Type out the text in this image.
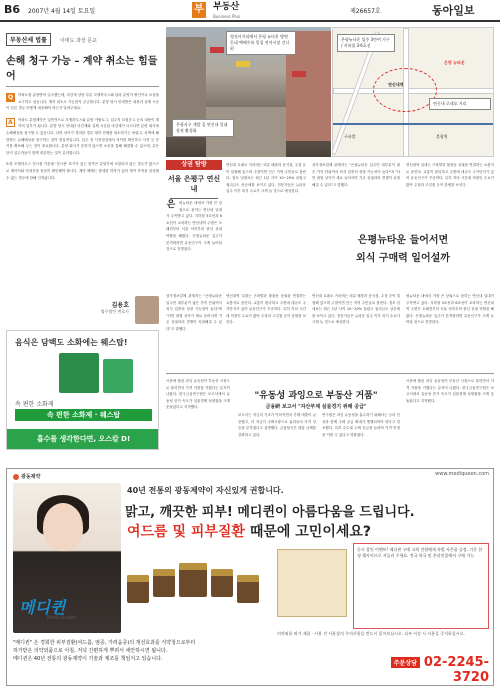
B6 2007년 4월 14일 토요일	부 부동산
Business Plus
제26657호	동아일보
부동산세 법률	이태도 과장 문교
손해 청구 가능 – 계약 취소는 힘들어
Q	아파트를 분양받아 입주했는데, 마감재 상당 부분 모델하우스와 달라 분양가 할인이나 보상을 요구하고 싶습니다. 계약 취소도 가능한지 궁금합니다. 분양 당시 안내받은 내용과 실제 시공이 다른 경우 어떻게 대응해야 하는지 알려주세요.
A	아파트 분양계약은 일반적으로 모델하우스와 분양 카탈로그, 입주자 모집공고 등의 내용이 계약의 일부가 됩니다. 분양 당시 안내된 마감재와 실제 시공된 마감재가 다르다면 분양 회사에 손해배상을 청구할 수 있습니다. 다만 차이가 경미한 경우 계약 전체를 취소하기는 어렵고, 차액에 해당하는 손해배상을 청구하는 것이 현실적입니다. 입주 전 사전점검에서 차이를 확인하고 사진 등 증거를 확보해 두는 것이 중요합니다. 분양 회사가 응하지 않으면 소송을 통해 해결할 수 있으며, 같은 단지 입주자들이 함께 대응하는 것이 유리합니다.
또한 모델하우스 전시품 가운데 '전시용' 표기가 있는 항목은 분양가에 포함되지 않는 경우가 많으므로 계약서와 안내문을 꼼꼼히 확인해야 합니다. 계약 해제는 중대한 하자가 있어 계약 목적을 달성할 수 없는 경우에 한해 인정됩니다.
김용호
법무법인 변호사
음식은 담백도 소화에는 웨스탑!
속 편한 소화제
속 편한 소화제 · 웨스탑
흡수를 생각한다면, 오스칼 D!
정선사거리에서 은평 뉴타운 방면 동네 택배주유 밀집 전어시장 건너편
은평지구 개발 길 연신내 일대 상권 활성화
은평뉴타운 입주 3만여 가구 / 지하철 3·6호선
연신내 로데오 거리
연신내역
불광역
구파발
은평 뉴타운
상권 탐방
서울 은평구 연신내
은 평뉴타운 내에서 가장 큰 상권으로 꼽히는 연신내 일대가 주목받고 있다. 지하철 3호선과 6호선이 교차하는 연신내역 주변은 오래전부터 서울 서북부의 중심 상권 역할을 해왔다. 은평뉴타운 입주가 본격화하면 유동인구가 크게 늘어날 것으로 전망된다.
연신내 로데오 거리에는 의류 매장과 음식점, 주점 등이 밀집해 있으며 주말이면 인근 지역 주민들로 붐빈다. 점포 임대료는 최근 1년 사이 10~20% 올랐고 권리금도 상승세를 보이고 있다. 전문가들은 뉴타운 입주 이후 외식 수요가 크게 늘 것으로 예상한다.
상가정보업체 관계자는 "은평뉴타운 입주민 대부분이 젊은 가족 단위여서 외식 업종의 성장 가능성이 높다"며 "다만 대형 상가가 새로 들어서면 기존 상권과의 경쟁이 치열해질 수 있다"고 말했다.
연신내역 일대는 구파발과 불광동 상권을 연결하는 요충지로 꼽힌다. 교통이 편리하고 주변에 대규모 주거단지가 있어 유동인구가 꾸준하다. 특히 저녁 시간대 직장인 수요가 많아 주점과 고깃집 등이 강세를 보인다.
은평뉴타운 들어서면
외식 구매력 일어설까
상가정보업체 관계자는 "은평뉴타운 입주민 대부분이 젊은 가족 단위여서 외식 업종의 성장 가능성이 높다"며 "다만 대형 상가가 새로 들어서면 기존 상권과의 경쟁이 치열해질 수 있다"고 말했다.
연신내역 일대는 구파발과 불광동 상권을 연결하는 요충지로 꼽힌다. 교통이 편리하고 주변에 대규모 주거단지가 있어 유동인구가 꾸준하다. 특히 저녁 시간대 직장인 수요가 많아 주점과 고깃집 등이 강세를 보인다.
연신내 로데오 거리에는 의류 매장과 음식점, 주점 등이 밀집해 있으며 주말이면 인근 지역 주민들로 붐빈다. 점포 임대료는 최근 1년 사이 10~20% 올랐고 권리금도 상승세를 보이고 있다. 전문가들은 뉴타운 입주 이후 외식 수요가 크게 늘 것으로 예상한다.
평뉴타운 내에서 가장 큰 상권으로 꼽히는 연신내 일대가 주목받고 있다. 지하철 3호선과 6호선이 교차하는 연신내역 주변은 오래전부터 서울 서북부의 중심 상권 역할을 해왔다. 은평뉴타운 입주가 본격화하면 유동인구가 크게 늘어날 것으로 전망된다.
"유동성 과잉으로 부동산 거품"
금융硏 보고서 "자산부채 실물경기 위해 공급"
시중에 풀린 과잉 유동성이 부동산 시장으로 몰리면서 가격 거품을 키웠다는 분석이 나왔다. 한국금융연구원은 보고서에서 유동성 증가 속도가 실물경제 성장률을 크게 웃돌았다고 지적했다.
보고서는 저금리 기조가 이어지면서 가계 대출이 급증했고, 이 자금이 주택시장으로 흘러들어 가격 상승을 부추겼다고 설명했다. 금융당국은 대출 규제를 강화하고 있다.
연구원은 과잉 유동성을 흡수하기 위해서는 금리 인상과 함께 주택 공급 확대가 병행되어야 한다고 강조했다. 특히 수도권 주택 공급을 늘려야 가격 안정을 이룰 수 있다고 덧붙였다.
시중에 풀린 과잉 유동성이 부동산 시장으로 몰리면서 가격 거품을 키웠다는 분석이 나왔다. 한국금융연구원은 보고서에서 유동성 증가 속도가 실물경제 성장률을 크게 웃돌았다고 지적했다.
광동제약	www.mediqueen.com
메디퀸
Medi Queen
40년 전통의 광동제약이 자신있게 권합니다.
맑고, 깨끗한 피부! 메디퀸이 아름다움을 드립니다.
여드름 및 피부질환 때문에 고민이세요?
동시 할인 이벤트! 메디퀸 구매 고객 전원에게 특별 사은품 증정. 기간 한정 행사이므로 서둘러 주세요. 전국 약국 및 온라인몰에서 구매 가능.
"메디퀸" 은 경희한 피부질환(여드름, 염증, 가려움증)의 개선효과를 식약청으로부터
허가받은 의약외품으로 아침, 저녁 간편하게 뿌려서 세안하시면 됩니다.
메디퀸은 40년 전통의 광동제약이 기술과 제조를 책임지고 있습니다.
의약외품 허가 제품 · 사용 전 사용상의 주의사항을 반드시 읽어보십시오. 피부 이상 시 사용을 중지하십시오.
주문상담 02-2245-3720
